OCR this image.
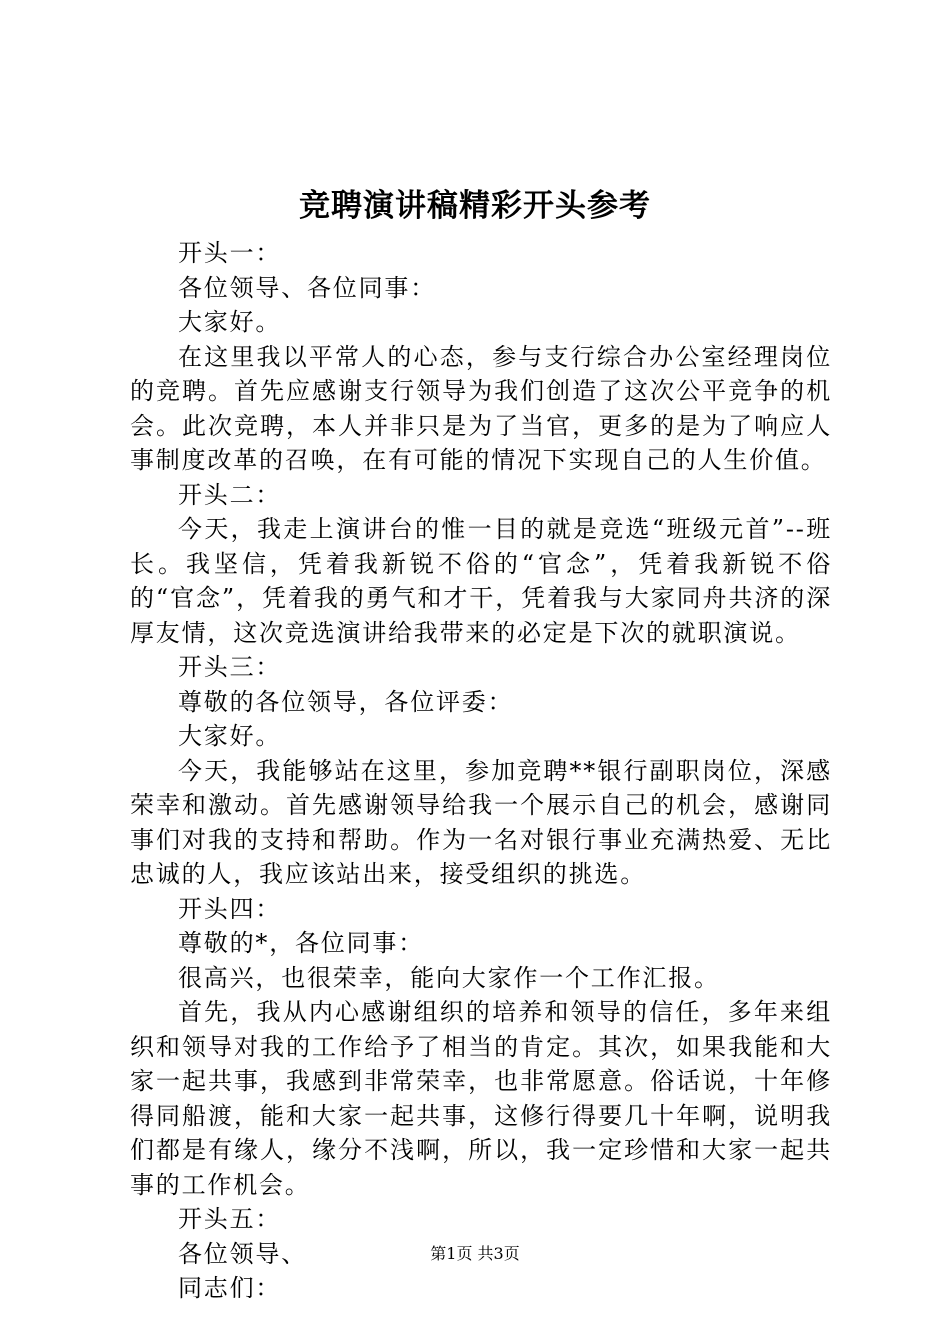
竞聘演讲稿精彩开头参考

开头一：

各位领导、各位同事：

大家好。

在这里我以平常人的心态，参与支行综合办公室经理岗位的竞聘。首先应感谢支行领导为我们创造了这次公平竞争的机会。此次竞聘，本人并非只是为了当官，更多的是为了响应人事制度改革的召唤，在有可能的情况下实现自己的人生价值。

开头二：

今天，我走上演讲台的惟一目的就是竞选“班级元首”--班长。我坚信，凭着我新锐不俗的“官念”，凭着我新锐不俗的“官念”，凭着我的勇气和才干，凭着我与大家同舟共济的深厚友情，这次竞选演讲给我带来的必定是下次的就职演说。

开头三：

尊敬的各位领导，各位评委：

大家好。

今天，我能够站在这里，参加竞聘**银行副职岗位，深感荣幸和激动。首先感谢领导给我一个展示自己的机会，感谢同事们对我的支持和帮助。作为一名对银行事业充满热爱、无比忠诚的人，我应该站出来，接受组织的挑选。

开头四：

尊敬的*，各位同事：

很高兴，也很荣幸，能向大家作一个工作汇报。

首先，我从内心感谢组织的培养和领导的信任，多年来组织和领导对我的工作给予了相当的肯定。其次，如果我能和大家一起共事，我感到非常荣幸，也非常愿意。俗话说，十年修得同船渡，能和大家一起共事，这修行得要几十年啊，说明我们都是有缘人，缘分不浅啊，所以，我一定珍惜和大家一起共事的工作机会。

开头五：

各位领导、

同志们：

第1页 共3页
